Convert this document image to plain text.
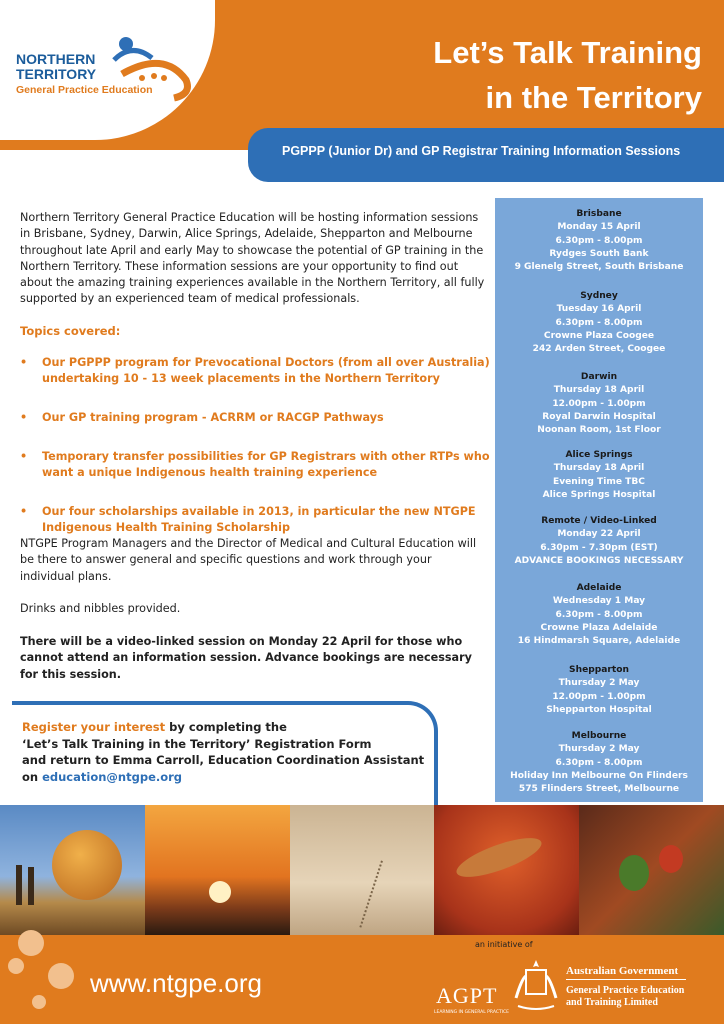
NORTHERN
TERRITORY
General Practice Education
Let’s Talk Training
in the Territory
PGPPP (Junior Dr) and GP Registrar Training Information Sessions
Northern Territory General Practice Education will be hosting information sessions in Brisbane, Sydney, Darwin, Alice Springs, Adelaide, Shepparton and Melbourne throughout late April and early May to showcase the potential of GP training in the Northern Territory. These information sessions are your opportunity to find out about the amazing training experiences available in the Northern Territory, all fully supported by an experienced team of medical professionals.
Topics covered:
• Our PGPPP program for Prevocational Doctors (from all over Australia) undertaking 10 - 13 week placements in the Northern Territory
• Our GP training program - ACRRM or RACGP Pathways
• Temporary transfer possibilities for GP Registrars with other RTPs who want a unique Indigenous health training experience
• Our four scholarships available in 2013, in particular the new NTGPE Indigenous Health Training Scholarship
NTGPE Program Managers and the Director of Medical and Cultural Education will be there to answer general and specific questions and work through your individual plans.
Drinks and nibbles provided.
There will be a video-linked session on Monday 22 April for those who cannot attend an information session. Advance bookings are necessary for this session.
Register your interest by completing the
‘Let’s Talk Training in the Territory’ Registration Form
and return to Emma Carroll, Education Coordination Assistant
on education@ntgpe.org
Brisbane
Monday 15 April
6.30pm - 8.00pm
Rydges South Bank
9 Glenelg Street, South Brisbane
Sydney
Tuesday 16 April
6.30pm - 8.00pm
Crowne Plaza Coogee
242 Arden Street, Coogee
Darwin
Thursday 18 April
12.00pm - 1.00pm
Royal Darwin Hospital
Noonan Room, 1st Floor
Alice Springs
Thursday 18 April
Evening Time TBC
Alice Springs Hospital
Remote / Video-Linked
Monday 22 April
6.30pm - 7.30pm (EST)
ADVANCE BOOKINGS NECESSARY
Adelaide
Wednesday 1 May
6.30pm - 8.00pm
Crowne Plaza Adelaide
16 Hindmarsh Square, Adelaide
Shepparton
Thursday 2 May
12.00pm - 1.00pm
Shepparton Hospital
Melbourne
Thursday 2 May
6.30pm - 8.00pm
Holiday Inn Melbourne On Flinders
575 Flinders Street, Melbourne
www.ntgpe.org
an initiative of
AGPT
LEARNING IN GENERAL PRACTICE
Australian Government
General Practice Education
and Training Limited
